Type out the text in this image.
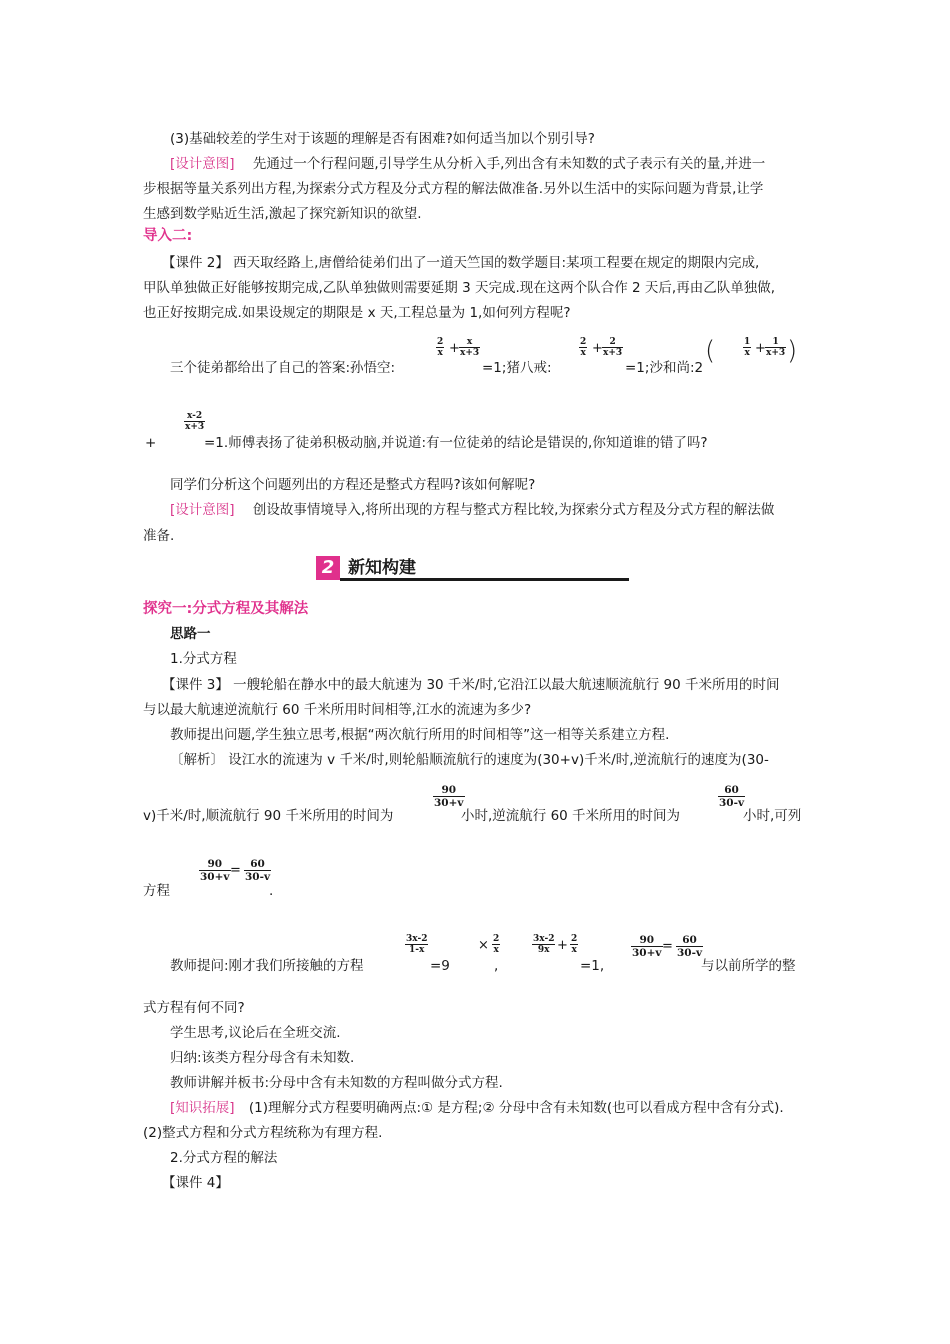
(3)基础较差的学生对于该题的理解是否有困难?如何适当加以个别引导?
[设计意图] 先通过一个行程问题,引导学生从分析入手,列出含有未知数的式子表示有关的量,并进一
步根据等量关系列出方程,为探索分式方程及分式方程的解法做准备.另外以生活中的实际问题为背景,让学
生感到数学贴近生活,激起了探究新知识的欲望.
导入二:
【课件 2】 西天取经路上,唐僧给徒弟们出了一道天竺国的数学题目:某项工程要在规定的期限内完成,
甲队单独做正好能够按期完成,乙队单独做则需要延期 3 天完成.现在这两个队合作 2 天后,再由乙队单独做,
也正好按期完成.如果设规定的期限是 x 天,工程总量为 1,如何列方程呢?
三个徒弟都给出了自己的答案:孙悟空:
$\frac{2}{x} + \frac{x}{x+3}$
=1;猪八戒:
$\frac{2}{x} + \frac{2}{x+3}$
=1;沙和尚:2
(	$\frac{1}{x} + \frac{1}{x+3}$ )
+
$\frac{x-2}{x+3}$
=1.师傅表扬了徒弟积极动脑,并说道:有一位徒弟的结论是错误的,你知道谁的错了吗?
同学们分析这个问题列出的方程还是整式方程吗?该如何解呢?
[设计意图] 创设故事情境导入,将所出现的方程与整式方程比较,为探索分式方程及分式方程的解法做
准备.
2 新知构建
探究一:分式方程及其解法
思路一
1.分式方程
【课件 3】 一艘轮船在静水中的最大航速为 30 千米/时,它沿江以最大航速顺流航行 90 千米所用的时间
与以最大航速逆流航行 60 千米所用时间相等,江水的流速为多少?
教师提出问题,学生独立思考,根据“两次航行所用的时间相等”这一相等关系建立方程.
〔解析〕 设江水的流速为 v 千米/时,则轮船顺流航行的速度为(30+v)千米/时,逆流航行的速度为(30-
v)千米/时,顺流航行 90 千米所用的时间为
$\frac{90}{30+v}$
小时,逆流航行 60 千米所用的时间为
$\frac{60}{30-v}$
小时,可列
方程
$\frac{90}{30+v} = \frac{60}{30-v}$
.
教师提问:刚才我们所接触的方程
$\frac{3x-2}{1-x}$
=9
× $\frac{2}{x}$
,
$\frac{3x-2}{9x} + \frac{2}{x}$
=1,
$\frac{90}{30+v} = \frac{60}{30-v}$
与以前所学的整
式方程有何不同?
学生思考,议论后在全班交流.
归纳:该类方程分母含有未知数.
教师讲解并板书:分母中含有未知数的方程叫做分式方程.
[知识拓展] (1)理解分式方程要明确两点:① 是方程;② 分母中含有未知数(也可以看成方程中含有分式).
(2)整式方程和分式方程统称为有理方程.
2.分式方程的解法
【课件 4】
